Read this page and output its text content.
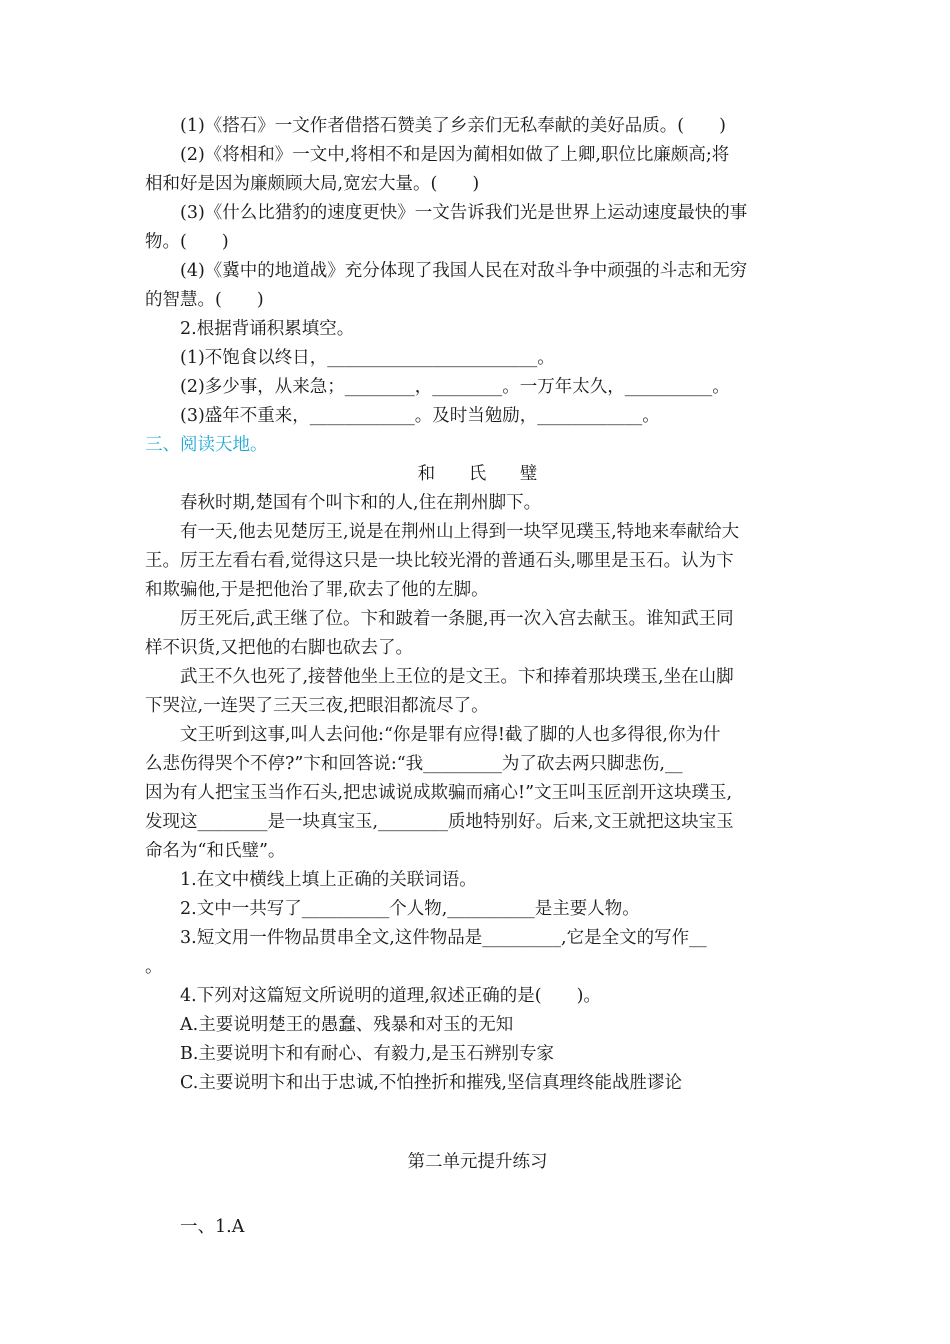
(1)《搭石》一文作者借搭石赞美了乡亲们无私奉献的美好品质。(　　)
(2)《将相和》一文中,将相不和是因为蔺相如做了上卿,职位比廉颇高;将
相和好是因为廉颇顾大局,宽宏大量。(　　)
(3)《什么比猎豹的速度更快》一文告诉我们光是世界上运动速度最快的事
物。(　　)
(4)《冀中的地道战》充分体现了我国人民在对敌斗争中顽强的斗志和无穷
的智慧。(　　)
2.根据背诵积累填空。
(1)不饱食以终日，________________________。
(2)多少事，从来急；________，________。一万年太久，__________。
(3)盛年不重来，____________。及时当勉励，____________。
三、阅读天地。
和 氏 璧
春秋时期,楚国有个叫卞和的人,住在荆州脚下。
有一天,他去见楚厉王,说是在荆州山上得到一块罕见璞玉,特地来奉献给大
王。厉王左看右看,觉得这只是一块比较光滑的普通石头,哪里是玉石。认为卞
和欺骗他,于是把他治了罪,砍去了他的左脚。
厉王死后,武王继了位。卞和跛着一条腿,再一次入宫去献玉。谁知武王同
样不识货,又把他的右脚也砍去了。
武王不久也死了,接替他坐上王位的是文王。卞和捧着那块璞玉,坐在山脚
下哭泣,一连哭了三天三夜,把眼泪都流尽了。
文王听到这事,叫人去问他:“你是罪有应得!截了脚的人也多得很,你为什
么悲伤得哭个不停?”卞和回答说:“我_________为了砍去两只脚悲伤,__
因为有人把宝玉当作石头,把忠诚说成欺骗而痛心!”文王叫玉匠剖开这块璞玉,
发现这________是一块真宝玉,________质地特别好。后来,文王就把这块宝玉
命名为“和氏璧”。
1.在文中横线上填上正确的关联词语。
2.文中一共写了__________个人物,__________是主要人物。
3.短文用一件物品贯串全文,这件物品是_________,它是全文的写作__
。
4.下列对这篇短文所说明的道理,叙述正确的是(　　)。
A.主要说明楚王的愚蠢、残暴和对玉的无知
B.主要说明卞和有耐心、有毅力,是玉石辨别专家
C.主要说明卞和出于忠诚,不怕挫折和摧残,坚信真理终能战胜谬论
第二单元提升练习
一、1.A
